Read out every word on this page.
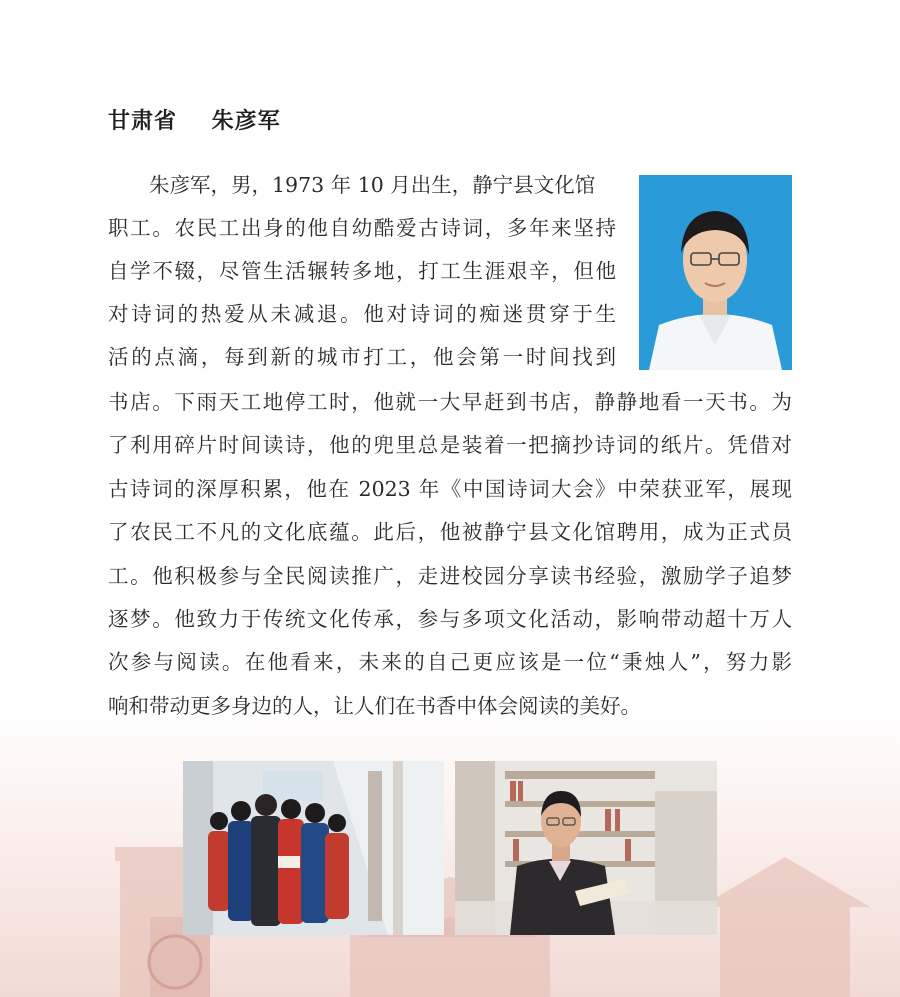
甘肃省    朱彦军

朱彦军，男，1973 年 10 月出生，静宁县文化馆

职工。农民工出身的他自幼酷爱古诗词，多年来坚持

自学不辍，尽管生活辗转多地，打工生涯艰辛，但他

对诗词的热爱从未减退。他对诗词的痴迷贯穿于生

活的点滴，每到新的城市打工，他会第一时间找到

书店。下雨天工地停工时，他就一大早赶到书店，静静地看一天书。为

了利用碎片时间读诗，他的兜里总是装着一把摘抄诗词的纸片。凭借对

古诗词的深厚积累，他在 2023 年《中国诗词大会》中荣获亚军，展现

了农民工不凡的文化底蕴。此后，他被静宁县文化馆聘用，成为正式员

工。他积极参与全民阅读推广，走进校园分享读书经验，激励学子追梦

逐梦。他致力于传统文化传承，参与多项文化活动，影响带动超十万人

次参与阅读。在他看来，未来的自己更应该是一位“秉烛人”，努力影

响和带动更多身边的人，让人们在书香中体会阅读的美好。
